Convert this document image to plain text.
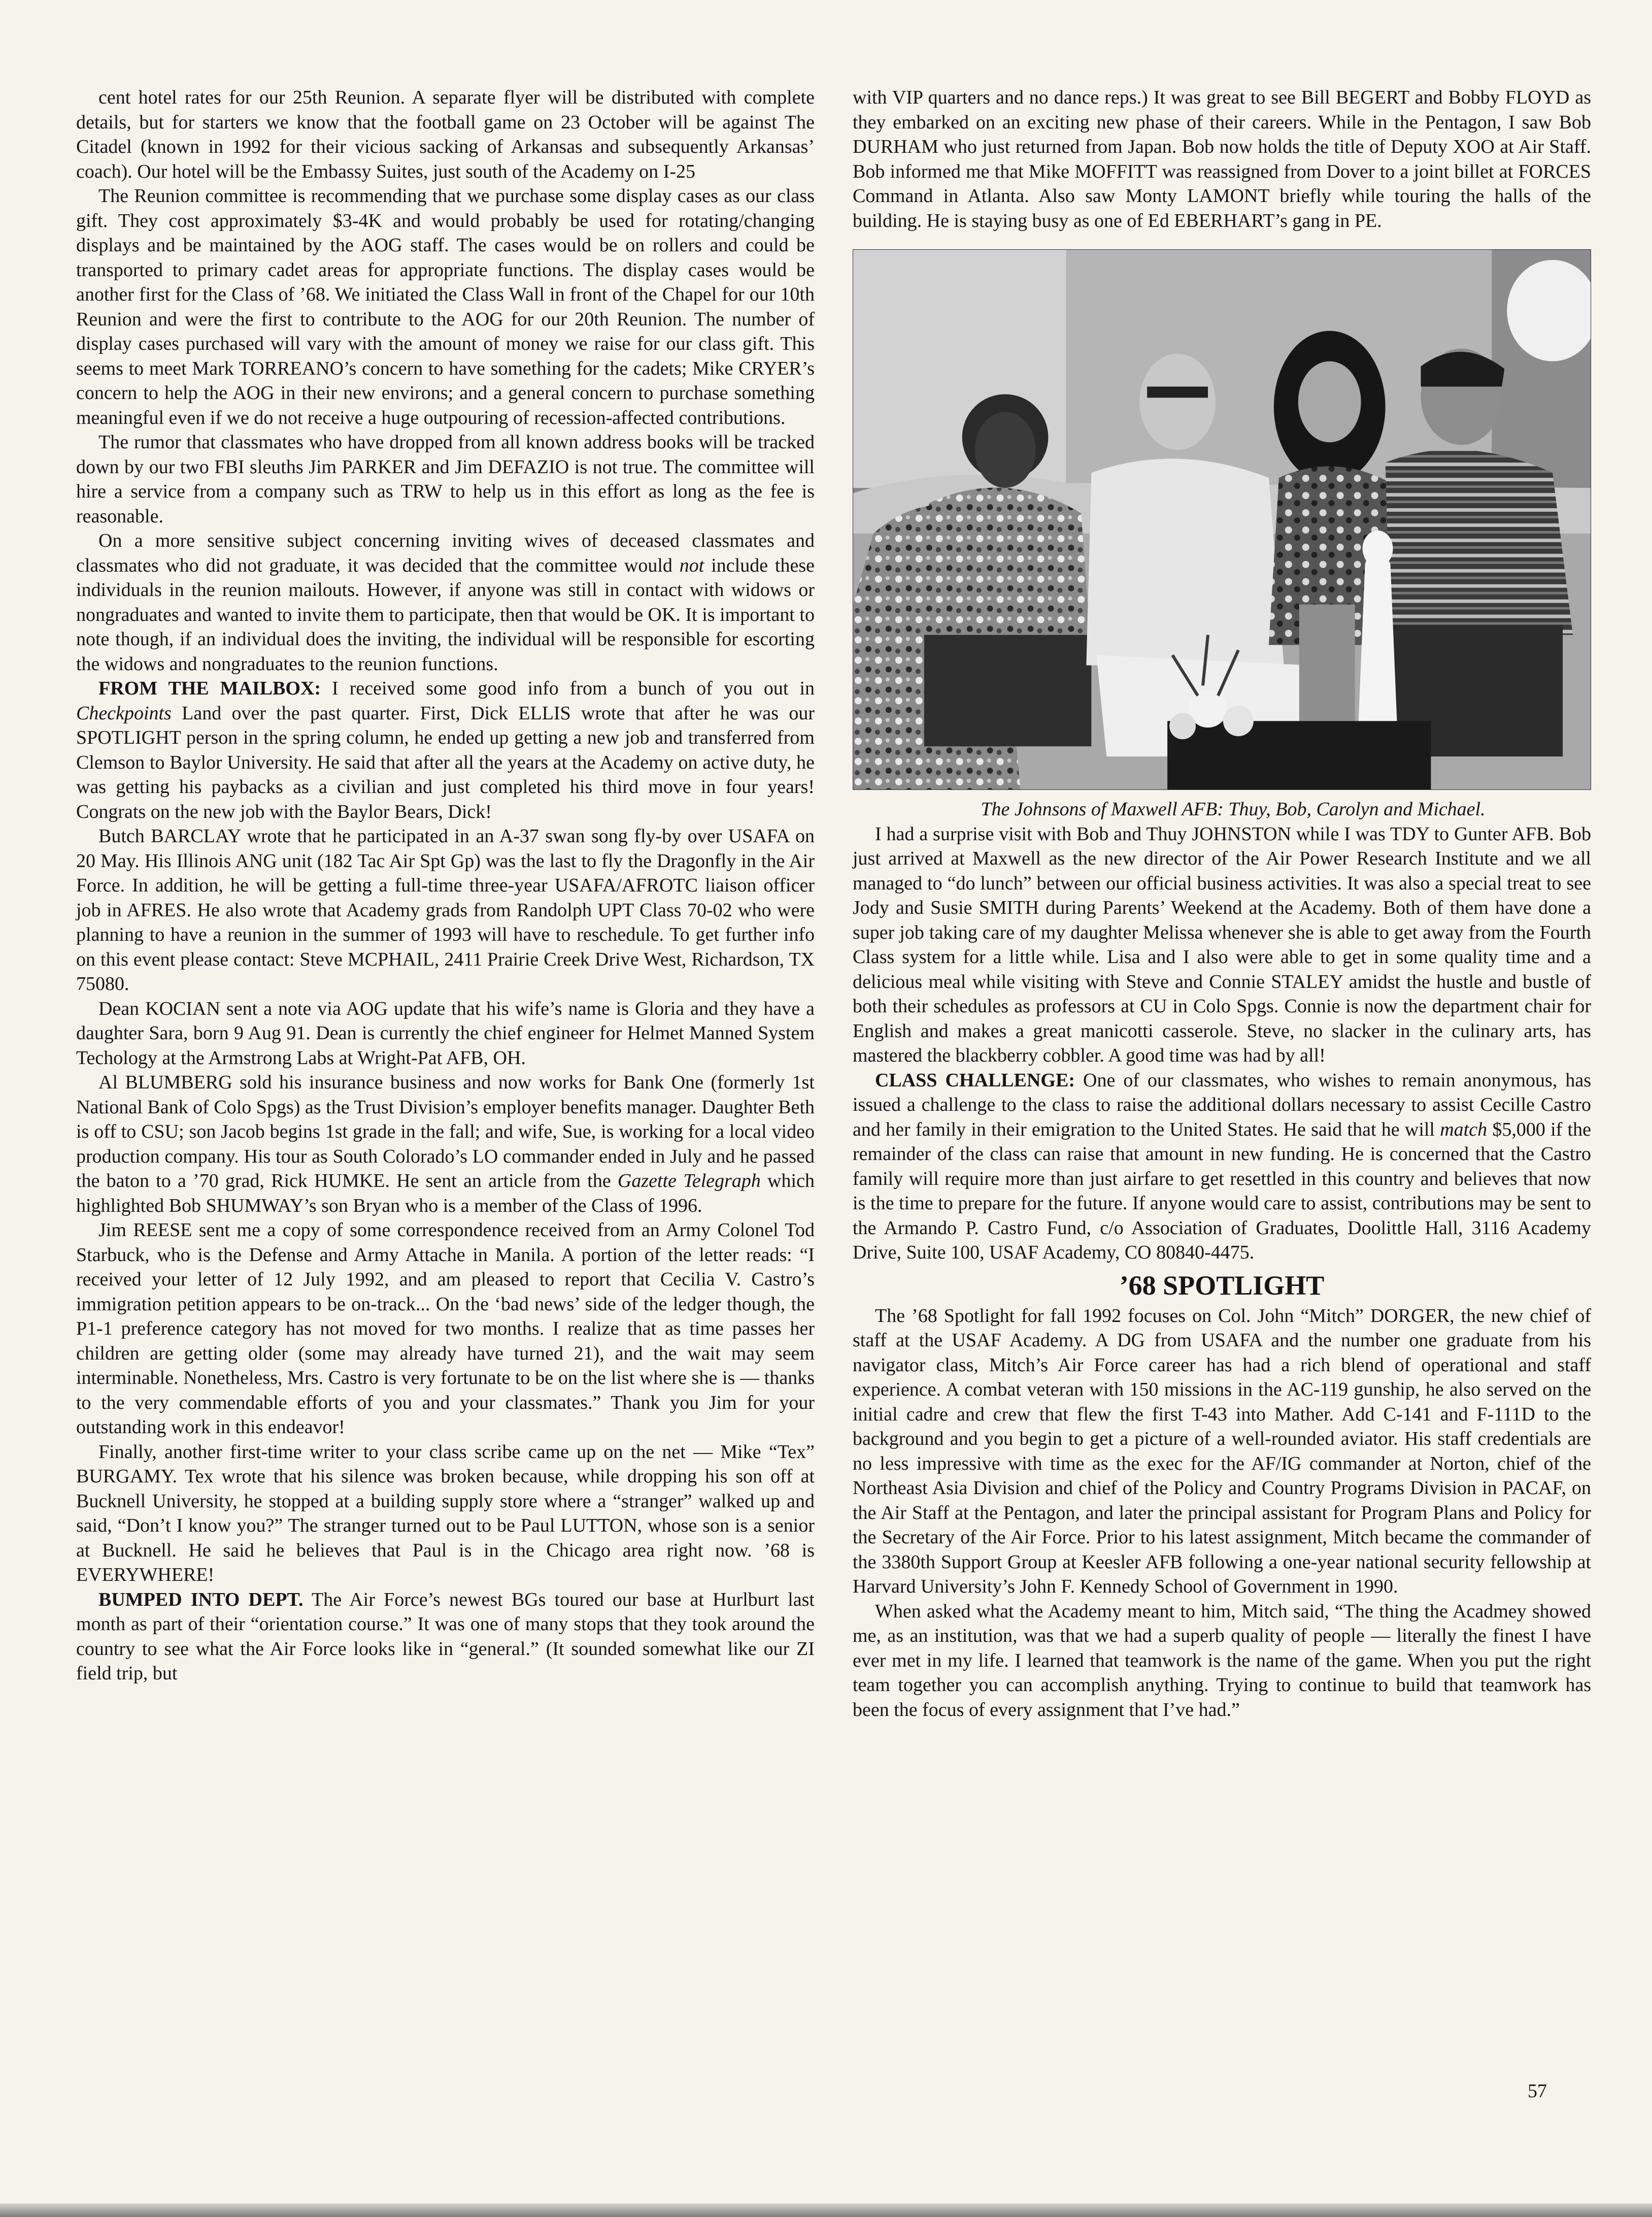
cent hotel rates for our 25th Reunion. A separate flyer will be distributed with complete details, but for starters we know that the football game on 23 October will be against The Citadel (known in 1992 for their vicious sacking of Arkansas and subsequently Arkansas’ coach). Our hotel will be the Embassy Suites, just south of the Academy on I-25

The Reunion committee is recommending that we purchase some display cases as our class gift. They cost approximately $3-4K and would probably be used for rotating/changing displays and be maintained by the AOG staff. The cases would be on rollers and could be transported to primary cadet areas for appropriate functions. The display cases would be another first for the Class of ’68. We initiated the Class Wall in front of the Chapel for our 10th Reunion and were the first to contribute to the AOG for our 20th Reunion. The number of display cases purchased will vary with the amount of money we raise for our class gift. This seems to meet Mark TORREANO’s concern to have something for the cadets; Mike CRYER’s concern to help the AOG in their new environs; and a general concern to purchase something meaningful even if we do not receive a huge outpouring of recession-affected contributions.

The rumor that classmates who have dropped from all known address books will be tracked down by our two FBI sleuths Jim PARKER and Jim DEFAZIO is not true. The committee will hire a service from a company such as TRW to help us in this effort as long as the fee is reasonable.

On a more sensitive subject concerning inviting wives of deceased classmates and classmates who did not graduate, it was decided that the committee would not include these individuals in the reunion mailouts. However, if anyone was still in contact with widows or nongraduates and wanted to invite them to participate, then that would be OK. It is important to note though, if an individual does the inviting, the individual will be responsible for escorting the widows and nongraduates to the reunion functions.

FROM THE MAILBOX: I received some good info from a bunch of you out in Checkpoints Land over the past quarter. First, Dick ELLIS wrote that after he was our SPOTLIGHT person in the spring column, he ended up getting a new job and transferred from Clemson to Baylor University. He said that after all the years at the Academy on active duty, he was getting his paybacks as a civilian and just completed his third move in four years! Congrats on the new job with the Baylor Bears, Dick!

Butch BARCLAY wrote that he participated in an A-37 swan song fly-by over USAFA on 20 May. His Illinois ANG unit (182 Tac Air Spt Gp) was the last to fly the Dragonfly in the Air Force. In addition, he will be getting a full-time three-year USAFA/AFROTC liaison officer job in AFRES. He also wrote that Academy grads from Randolph UPT Class 70-02 who were planning to have a reunion in the summer of 1993 will have to reschedule. To get further info on this event please contact: Steve MCPHAIL, 2411 Prairie Creek Drive West, Richardson, TX 75080.

Dean KOCIAN sent a note via AOG update that his wife’s name is Gloria and they have a daughter Sara, born 9 Aug 91. Dean is currently the chief engineer for Helmet Manned System Techology at the Armstrong Labs at Wright-Pat AFB, OH.

Al BLUMBERG sold his insurance business and now works for Bank One (formerly 1st National Bank of Colo Spgs) as the Trust Division’s employer benefits manager. Daughter Beth is off to CSU; son Jacob begins 1st grade in the fall; and wife, Sue, is working for a local video production company. His tour as South Colorado’s LO commander ended in July and he passed the baton to a ’70 grad, Rick HUMKE. He sent an article from the Gazette Telegraph which highlighted Bob SHUMWAY’s son Bryan who is a member of the Class of 1996.

Jim REESE sent me a copy of some correspondence received from an Army Colonel Tod Starbuck, who is the Defense and Army Attache in Manila. A portion of the letter reads: “I received your letter of 12 July 1992, and am pleased to report that Cecilia V. Castro’s immigration petition appears to be on-track... On the ‘bad news’ side of the ledger though, the P1-1 preference category has not moved for two months. I realize that as time passes her children are getting older (some may already have turned 21), and the wait may seem interminable. Nonetheless, Mrs. Castro is very fortunate to be on the list where she is — thanks to the very commendable efforts of you and your classmates.” Thank you Jim for your outstanding work in this endeavor!

Finally, another first-time writer to your class scribe came up on the net — Mike “Tex” BURGAMY. Tex wrote that his silence was broken because, while dropping his son off at Bucknell University, he stopped at a building supply store where a “stranger” walked up and said, “Don’t I know you?” The stranger turned out to be Paul LUTTON, whose son is a senior at Bucknell. He said he believes that Paul is in the Chicago area right now. ’68 is EVERYWHERE!

BUMPED INTO DEPT. The Air Force’s newest BGs toured our base at Hurlburt last month as part of their “orientation course.” It was one of many stops that they took around the country to see what the Air Force looks like in “general.” (It sounded somewhat like our ZI field trip, but

with VIP quarters and no dance reps.) It was great to see Bill BEGERT and Bobby FLOYD as they embarked on an exciting new phase of their careers. While in the Pentagon, I saw Bob DURHAM who just returned from Japan. Bob now holds the title of Deputy XOO at Air Staff. Bob informed me that Mike MOFFITT was reassigned from Dover to a joint billet at FORCES Command in Atlanta. Also saw Monty LAMONT briefly while touring the halls of the building. He is staying busy as one of Ed EBERHART’s gang in PE.

The Johnsons of Maxwell AFB: Thuy, Bob, Carolyn and Michael.

I had a surprise visit with Bob and Thuy JOHNSTON while I was TDY to Gunter AFB. Bob just arrived at Maxwell as the new director of the Air Power Research Institute and we all managed to “do lunch” between our official business activities. It was also a special treat to see Jody and Susie SMITH during Parents’ Weekend at the Academy. Both of them have done a super job taking care of my daughter Melissa whenever she is able to get away from the Fourth Class system for a little while. Lisa and I also were able to get in some quality time and a delicious meal while visiting with Steve and Connie STALEY amidst the hustle and bustle of both their schedules as professors at CU in Colo Spgs. Connie is now the department chair for English and makes a great manicotti casserole. Steve, no slacker in the culinary arts, has mastered the blackberry cobbler. A good time was had by all!

CLASS CHALLENGE: One of our classmates, who wishes to remain anonymous, has issued a challenge to the class to raise the additional dollars necessary to assist Cecille Castro and her family in their emigration to the United States. He said that he will match $5,000 if the remainder of the class can raise that amount in new funding. He is concerned that the Castro family will require more than just airfare to get resettled in this country and believes that now is the time to prepare for the future. If anyone would care to assist, contributions may be sent to the Armando P. Castro Fund, c/o Association of Graduates, Doolittle Hall, 3116 Academy Drive, Suite 100, USAF Academy, CO 80840-4475.

’68 SPOTLIGHT

The ’68 Spotlight for fall 1992 focuses on Col. John “Mitch” DORGER, the new chief of staff at the USAF Academy. A DG from USAFA and the number one graduate from his navigator class, Mitch’s Air Force career has had a rich blend of operational and staff experience. A combat veteran with 150 missions in the AC-119 gunship, he also served on the initial cadre and crew that flew the first T-43 into Mather. Add C-141 and F-111D to the background and you begin to get a picture of a well-rounded aviator. His staff credentials are no less impressive with time as the exec for the AF/IG commander at Norton, chief of the Northeast Asia Division and chief of the Policy and Country Programs Division in PACAF, on the Air Staff at the Pentagon, and later the principal assistant for Program Plans and Policy for the Secretary of the Air Force. Prior to his latest assignment, Mitch became the commander of the 3380th Support Group at Keesler AFB following a one-year national security fellowship at Harvard University’s John F. Kennedy School of Government in 1990.

When asked what the Academy meant to him, Mitch said, “The thing the Acadmey showed me, as an institution, was that we had a superb quality of people — literally the finest I have ever met in my life. I learned that teamwork is the name of the game. When you put the right team together you can accomplish anything. Trying to continue to build that teamwork has been the focus of every assignment that I’ve had.”

57
